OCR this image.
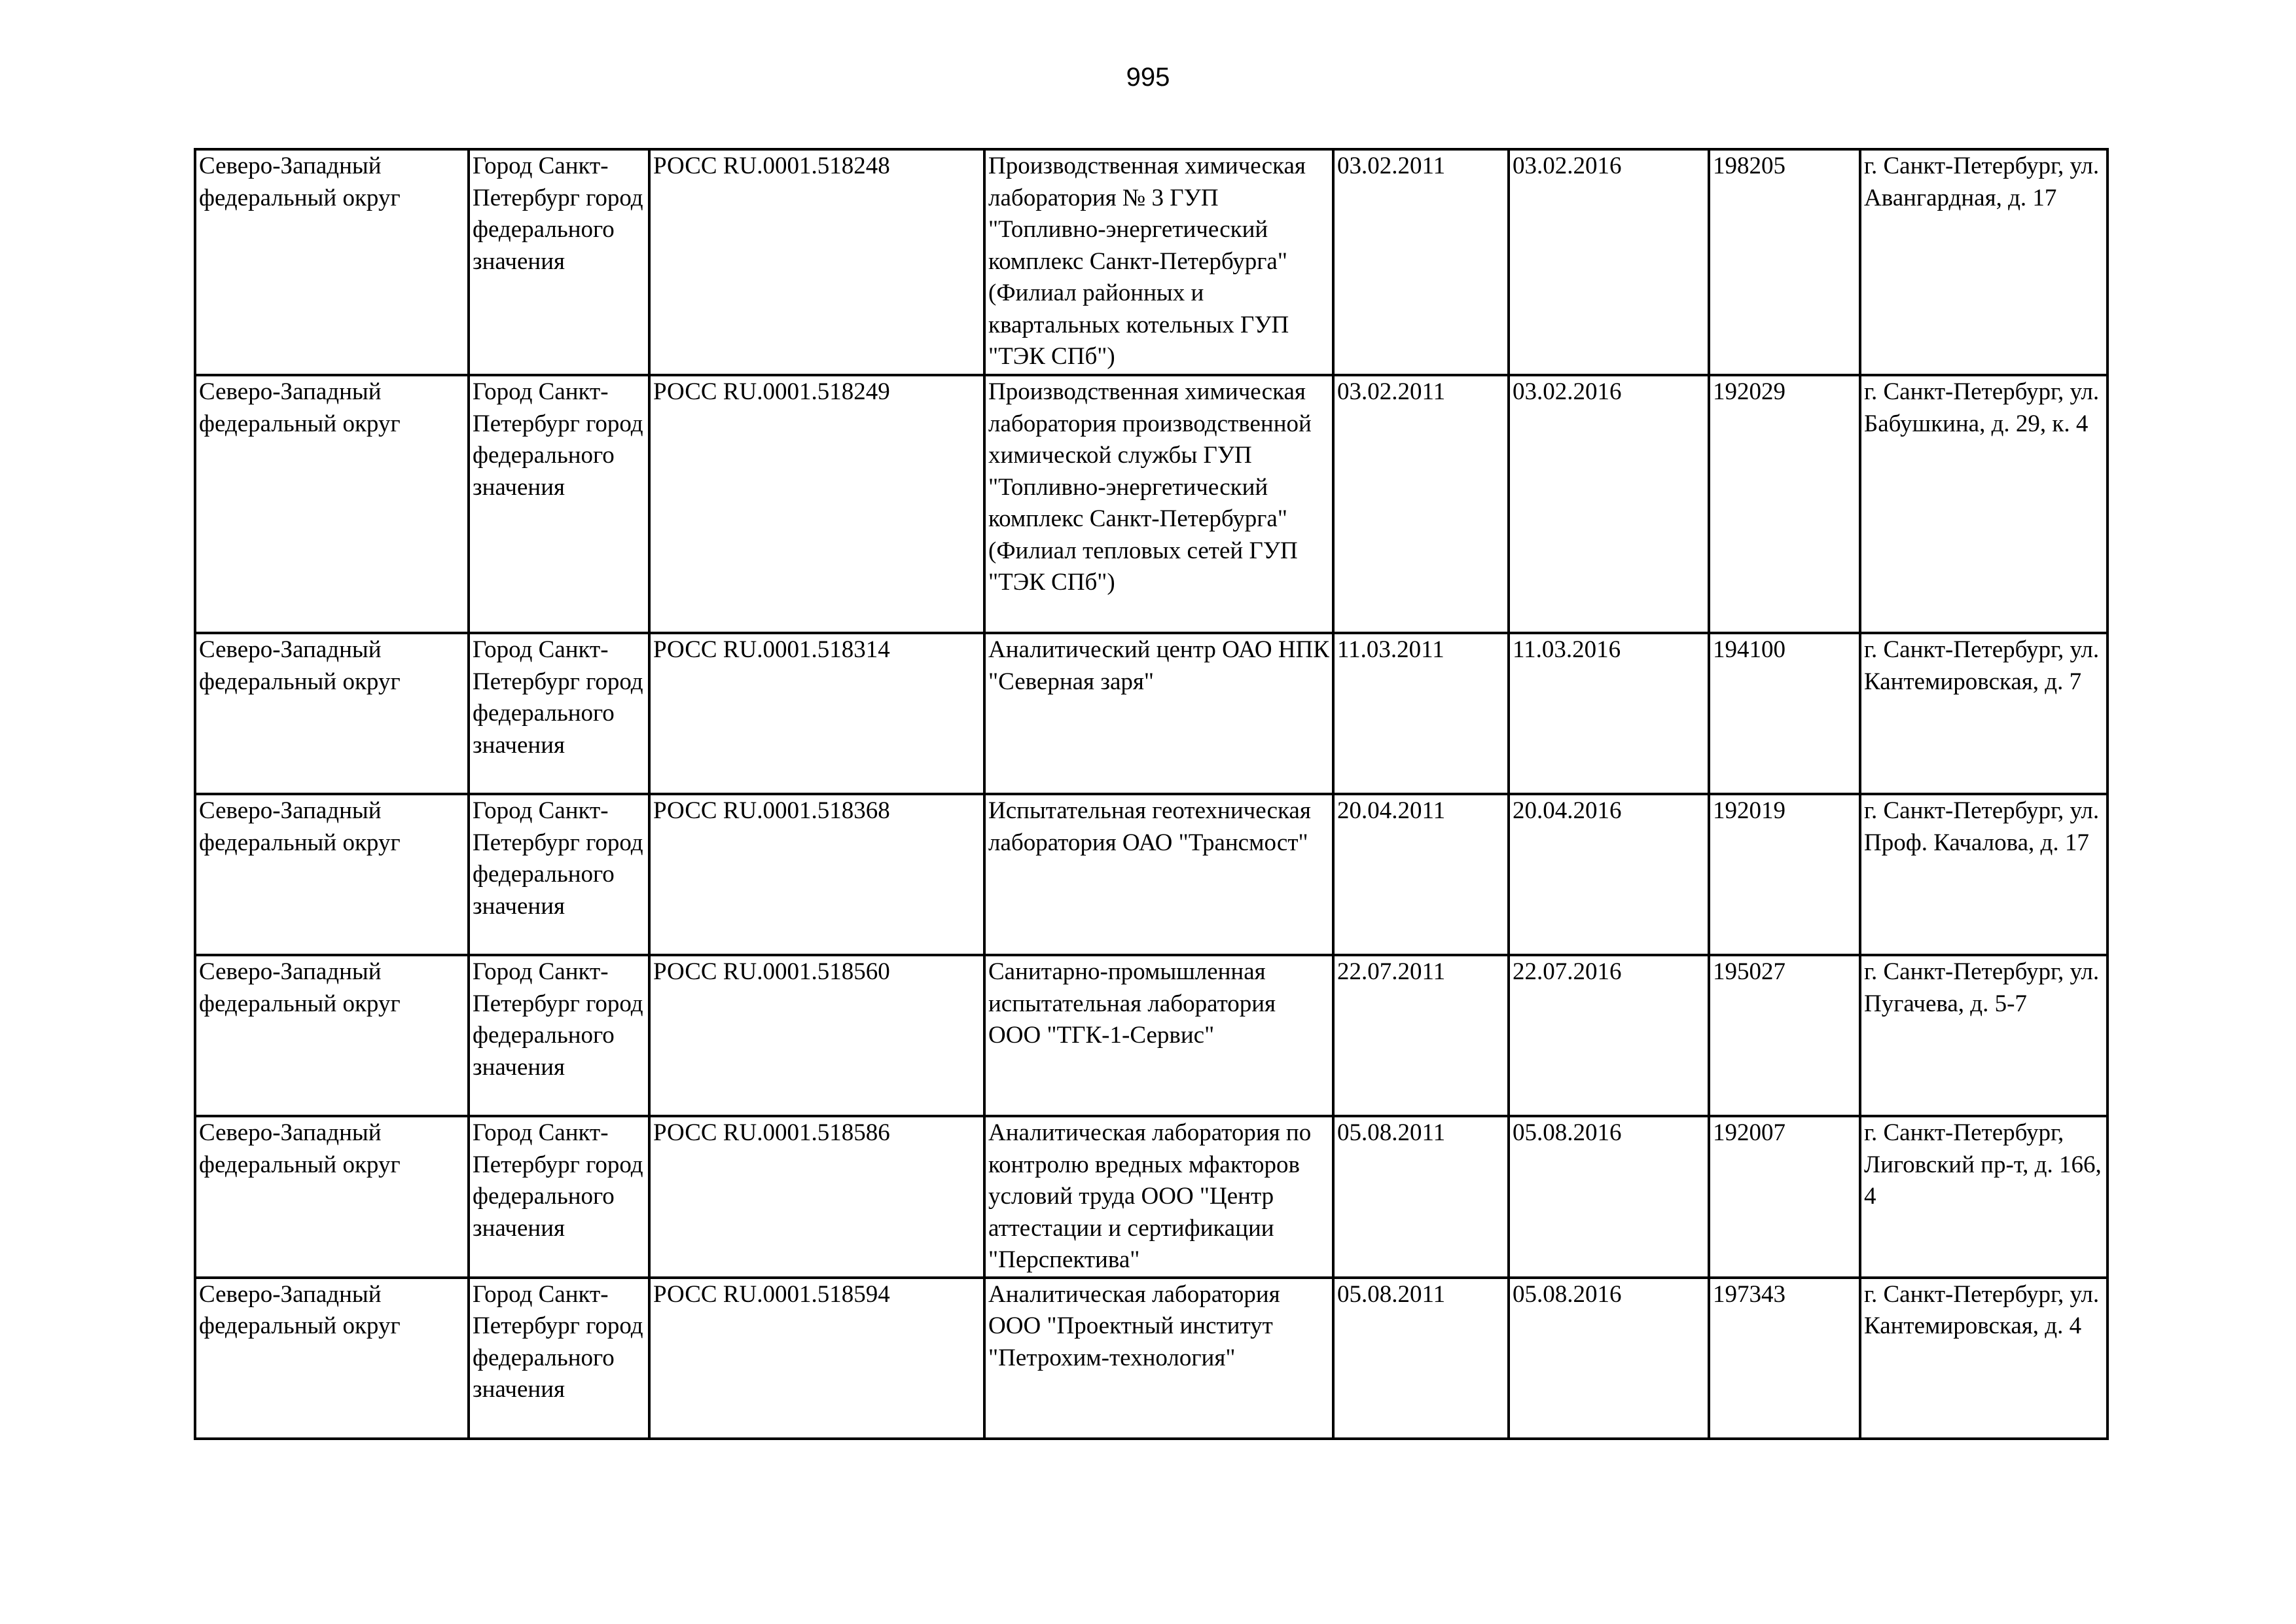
995
Северо-Западный федеральный округ	Город Санкт-Петербург город федерального значения	РОСС RU.0001.518248	Производственная химическая лаборатория № 3 ГУП "Топливно-энергетический комплекс Санкт-Петербурга" (Филиал районных и квартальных котельных ГУП "ТЭК СПб")	03.02.2011	03.02.2016	198205	г. Санкт-Петербург, ул. Авангардная, д. 17
Северо-Западный федеральный округ	Город Санкт-Петербург город федерального значения	РОСС RU.0001.518249	Производственная химическая лаборатория производственной химической службы ГУП "Топливно-энергетический комплекс Санкт-Петербурга" (Филиал тепловых сетей ГУП "ТЭК СПб")	03.02.2011	03.02.2016	192029	г. Санкт-Петербург, ул. Бабушкина, д. 29, к. 4
Северо-Западный федеральный округ	Город Санкт-Петербург город федерального значения	РОСС RU.0001.518314	Аналитический центр ОАО НПК "Северная заря"	11.03.2011	11.03.2016	194100	г. Санкт-Петербург, ул. Кантемировская, д. 7
Северо-Западный федеральный округ	Город Санкт-Петербург город федерального значения	РОСС RU.0001.518368	Испытательная геотехническая лаборатория ОАО "Трансмост"	20.04.2011	20.04.2016	192019	г. Санкт-Петербург, ул. Проф. Качалова, д. 17
Северо-Западный федеральный округ	Город Санкт-Петербург город федерального значения	РОСС RU.0001.518560	Санитарно-промышленная испытательная лаборатория ООО "ТГК-1-Сервис"	22.07.2011	22.07.2016	195027	г. Санкт-Петербург, ул. Пугачева, д. 5-7
Северо-Западный федеральный округ	Город Санкт-Петербург город федерального значения	РОСС RU.0001.518586	Аналитическая лаборатория по контролю вредных мфакторов условий труда ООО "Центр аттестации и сертификации "Перспектива"	05.08.2011	05.08.2016	192007	г. Санкт-Петербург, Лиговский пр-т, д. 166, 4
Северо-Западный федеральный округ	Город Санкт-Петербург город федерального значения	РОСС RU.0001.518594	Аналитическая лаборатория ООО "Проектный институт "Петрохим-технология"	05.08.2011	05.08.2016	197343	г. Санкт-Петербург, ул. Кантемировская, д. 4
